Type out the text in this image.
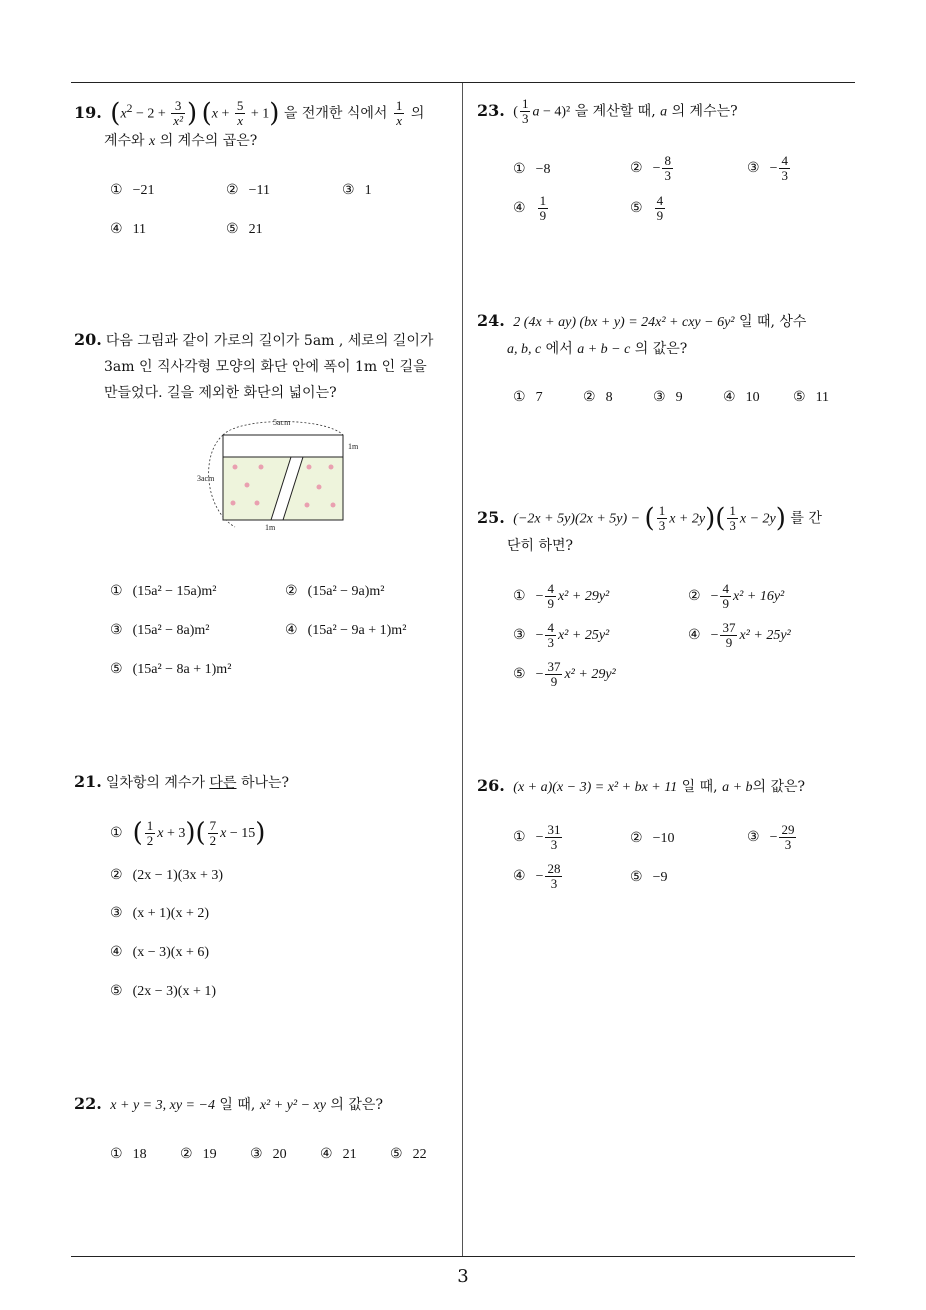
3
19. ($x^2 - 2 + \frac{3}{\text{x²}}$ ) $(x + \frac{5}{x} + 1)$ 을 전개한 식에서 $\frac{1}{x}$ 의
계수와 x 의 계수의 곱은?
① −21	② −11	③ 1
④ 11	⑤ 21
20. 다음 그림과 같이 가로의 길이가 5am , 세로의 길이가
3am 인 직사각형 모양의 화단 안에 폭이 1m 인 길을
만들었다. 길을 제외한 화단의 넓이는?
5acm
1m
3acm
1m
① (15a² − 15a)m²	② (15a² − 9a)m²
③ (15a² − 8a)m²	④ (15a² − 9a + 1)m²
⑤ (15a² − 8a + 1)m²
21. 일차항의 계수가 다른 하나는?
① ( $\frac{1}{2}$ $x + 3)( \frac{7}{2}$ x − 15)
② (2x − 1)(3x + 3)
③ (x + 1)(x + 2)
④ (x − 3)(x + 6)
⑤ (2x − 3)(x + 1)
22. x + y = 3, xy = −4 일 때, x² + y² − xy 의 값은?
① 18 ② 19 ③ 20 ④ 21 ⑤ 22
23. ( $\frac{1}{3}$ a − 4)² 을 계산할 때, a 의 계수는?
① −8	② − $\frac{8}{3}$	③ − $\frac{4}{3}$
④ $\frac{1}{9}$	⑤ $\frac{4}{9}$
24. 2 (4x + ay) (bx + y) = 24x² + cxy − 6y² 일 때, 상수
a, b, c 에서 a + b − c 의 값은?
① 7	② 8	③ 9	④ 10 ⑤ 11
25. (−2x + 5y)(2x + 5y) − ( $\frac{1}{3}$ $x + 2y)( \frac{1}{3}$ x − 2y) 를 간
단히 하면?
① − $\frac{4}{9} x^2 + 29y^2$	② − $\frac{4}{9} x^2 + 16y^2$
③ − $\frac{4}{3} x^2 + 25y^2$	④ − $\frac{37}{9} x^2 + 25y^2$
⑤ − $\frac{37}{9} x^2 + 29y^2$
26. (x + a)(x − 3) = x² + bx + 11 일 때, a + b의 값은?
① − $\frac{31}{3}$	② −10	③ − $\frac{29}{3}$
④ − $\frac{28}{3}$	⑤ −9
